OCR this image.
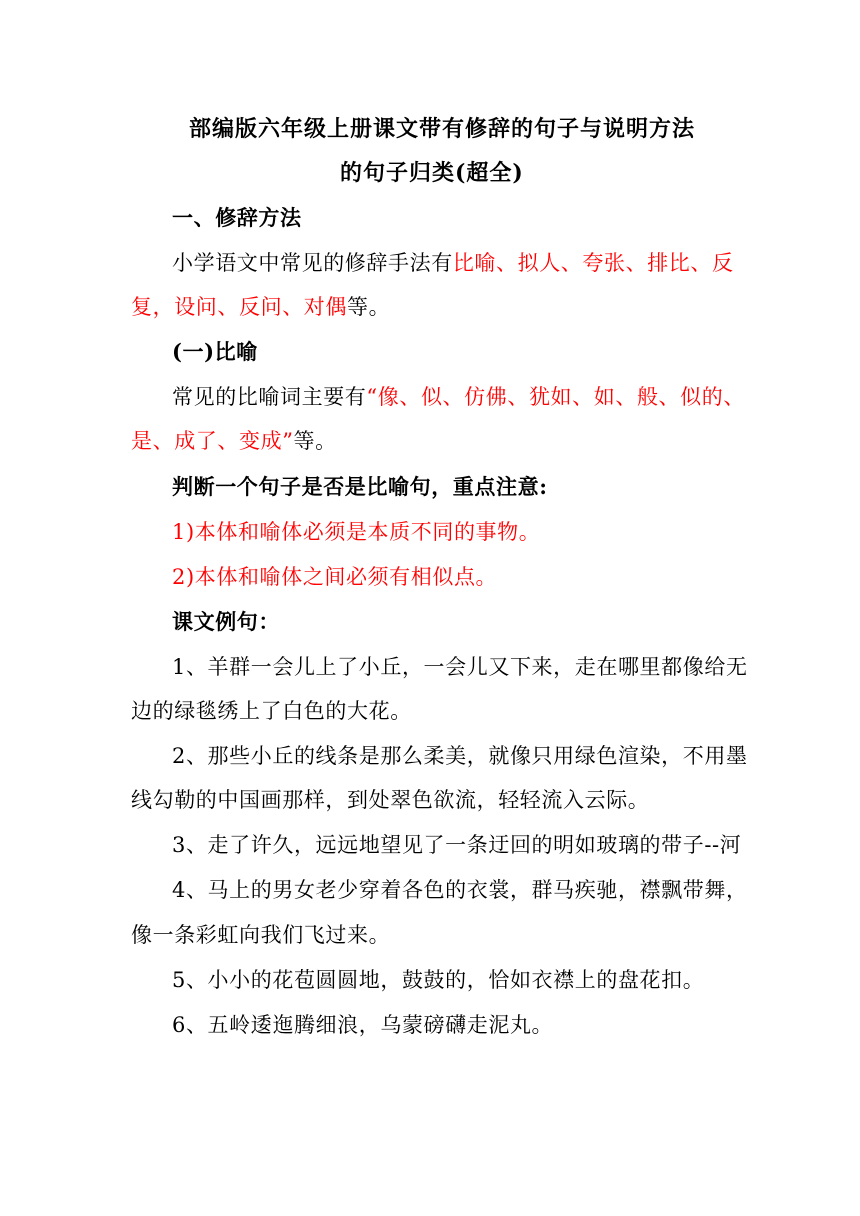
部编版六年级上册课文带有修辞的句子与说明方法
的句子归类(超全)
一、修辞方法
小学语文中常见的修辞手法有比喻、拟人、夸张、排比、反
复，设问、反问、对偶等。
(一)比喻
常见的比喻词主要有“像、似、仿佛、犹如、如、般、似的、
是、成了、变成”等。
判断一个句子是否是比喻句，重点注意:
1)本体和喻体必须是本质不同的事物。
2)本体和喻体之间必须有相似点。
课文例句：
1、羊群一会儿上了小丘，一会儿又下来，走在哪里都像给无
边的绿毯绣上了白色的大花。
2、那些小丘的线条是那么柔美，就像只用绿色渲染，不用墨
线勾勒的中国画那样，到处翠色欲流，轻轻流入云际。
3、走了许久，远远地望见了一条迂回的明如玻璃的带子--河
4、马上的男女老少穿着各色的衣裳，群马疾驰，襟飘带舞，
像一条彩虹向我们飞过来。
5、小小的花苞圆圆地，鼓鼓的，恰如衣襟上的盘花扣。
6、五岭逶迤腾细浪，乌蒙磅礴走泥丸。
